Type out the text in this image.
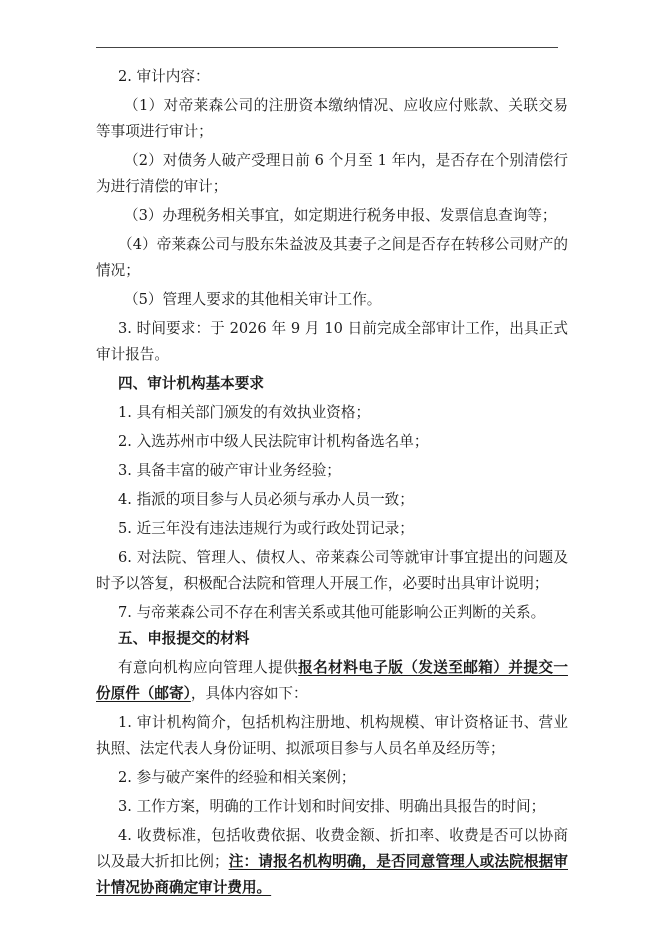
2. 审计内容：

（1）对帝莱森公司的注册资本缴纳情况、应收应付账款、关联交易等事项进行审计；

（2）对债务人破产受理日前 6 个月至 1 年内，是否存在个别清偿行为进行清偿的审计；

（3）办理税务相关事宜，如定期进行税务申报、发票信息查询等；

（4）帝莱森公司与股东朱益波及其妻子之间是否存在转移公司财产的情况；

（5）管理人要求的其他相关审计工作。

3. 时间要求：于 2026 年 9 月 10 日前完成全部审计工作，出具正式审计报告。

四、审计机构基本要求

1. 具有相关部门颁发的有效执业资格；

2. 入选苏州市中级人民法院审计机构备选名单；

3. 具备丰富的破产审计业务经验；

4. 指派的项目参与人员必须与承办人员一致；

5. 近三年没有违法违规行为或行政处罚记录；

6. 对法院、管理人、债权人、帝莱森公司等就审计事宜提出的问题及时予以答复，积极配合法院和管理人开展工作，必要时出具审计说明；

7. 与帝莱森公司不存在利害关系或其他可能影响公正判断的关系。

五、申报提交的材料

有意向机构应向管理人提供报名材料电子版（发送至邮箱）并提交一份原件（邮寄），具体内容如下：

1. 审计机构简介，包括机构注册地、机构规模、审计资格证书、营业执照、法定代表人身份证明、拟派项目参与人员名单及经历等；

2. 参与破产案件的经验和相关案例；

3. 工作方案，明确的工作计划和时间安排、明确出具报告的时间；

4. 收费标准，包括收费依据、收费金额、折扣率、收费是否可以协商以及最大折扣比例；注：请报名机构明确，是否同意管理人或法院根据审计情况协商确定审计费用。
